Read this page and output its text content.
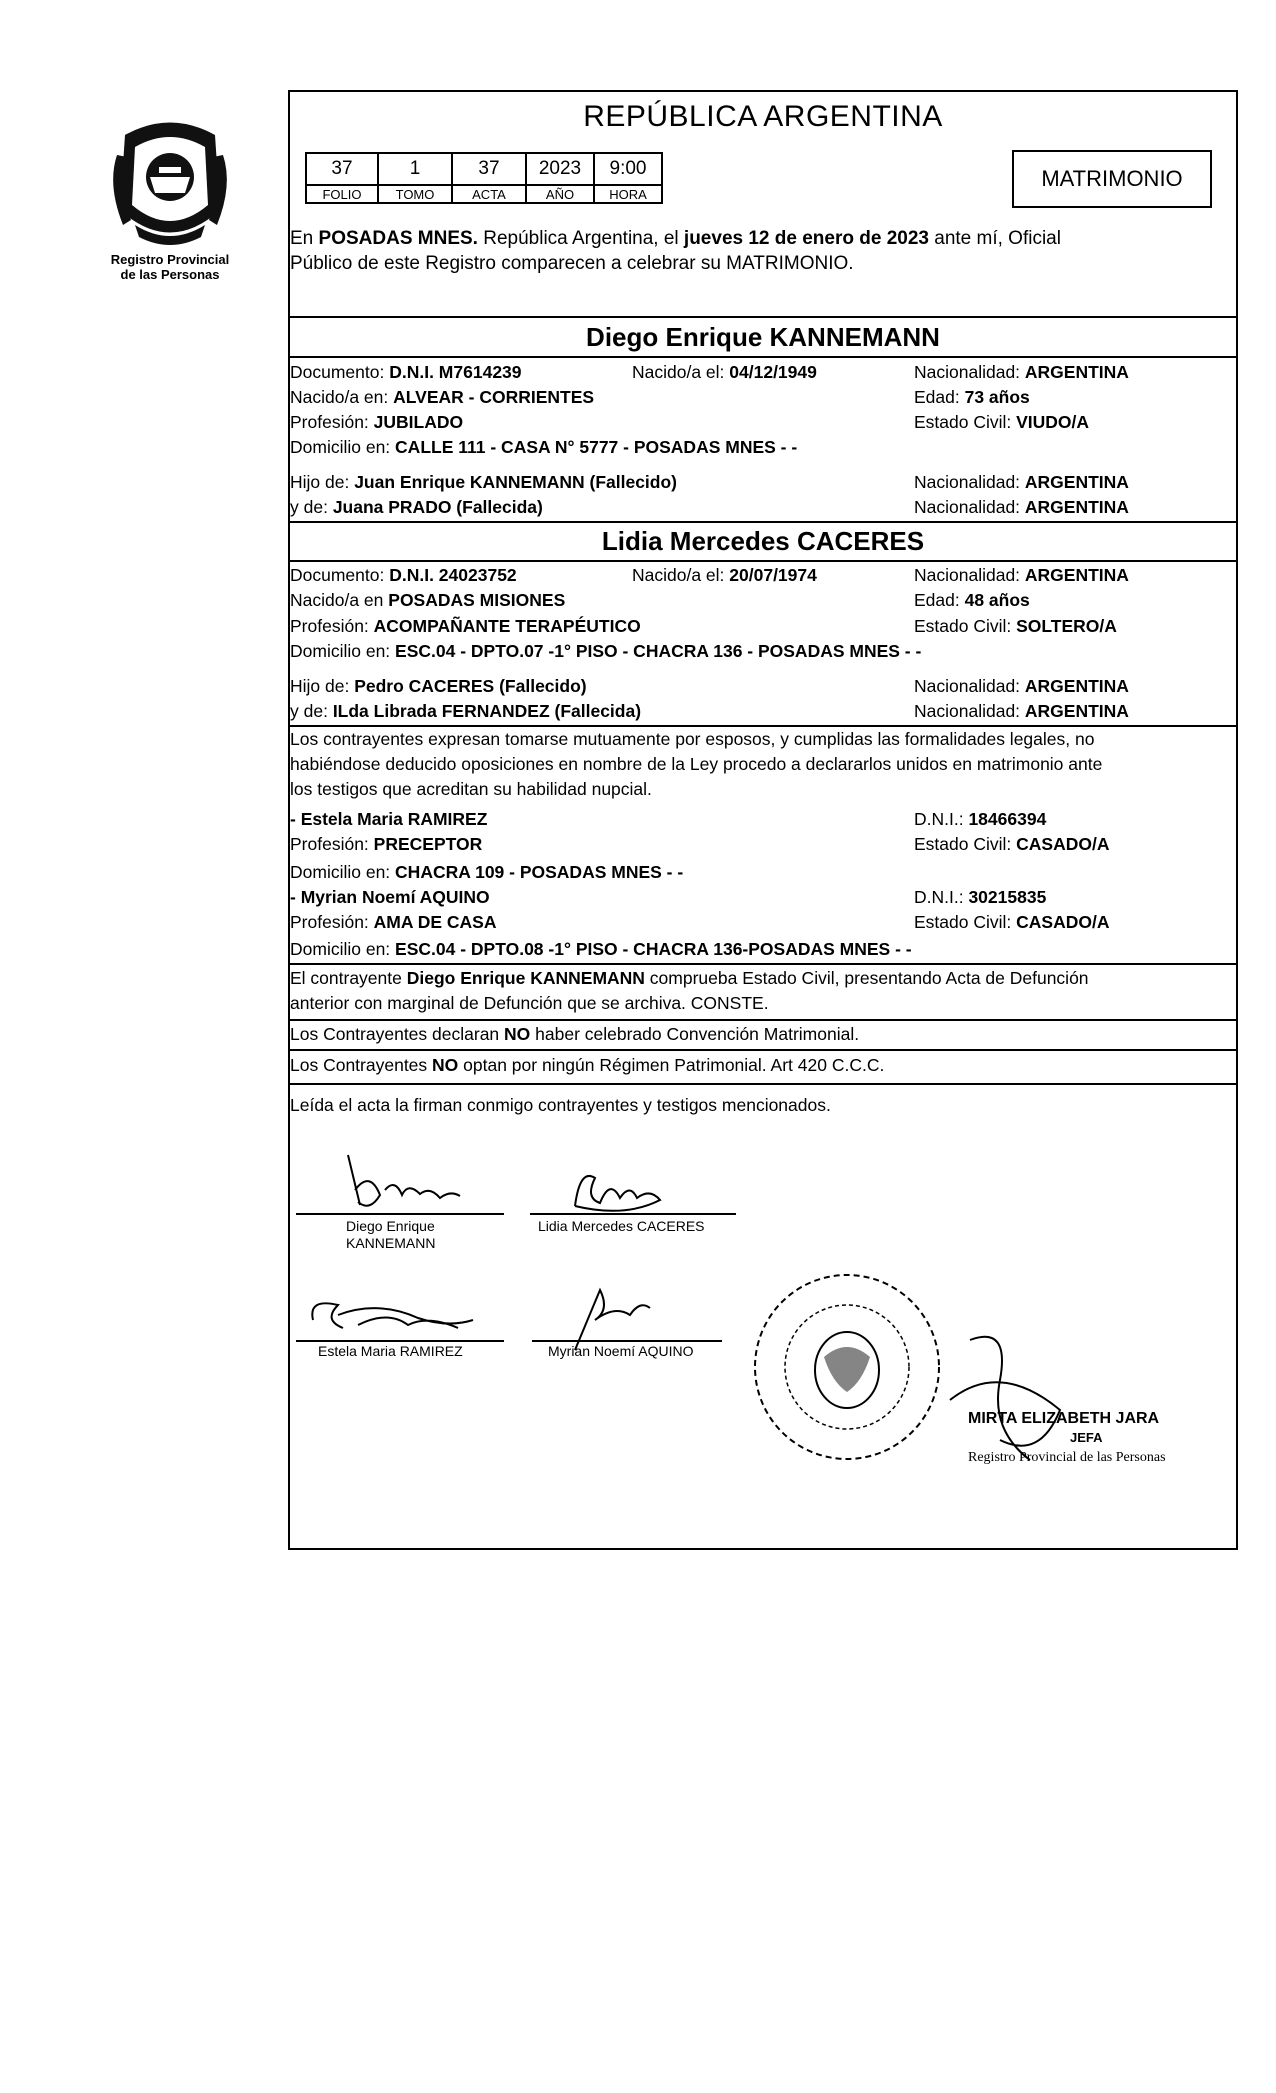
Registro Provincial
de las Personas
REPÚBLICA ARGENTINA
37	1	37	2023	9:00
FOLIO	TOMO	ACTA	AÑO	HORA
MATRIMONIO
En POSADAS MNES. República Argentina, el jueves 12 de enero de 2023 ante mí, Oficial
Público de este Registro comparecen a celebrar su MATRIMONIO.
Diego Enrique KANNEMANN
Documento: D.N.I. M7614239	Nacido/a el: 04/12/1949	Nacionalidad: ARGENTINA
Nacido/a en: ALVEAR - CORRIENTES	Edad: 73 años
Profesión: JUBILADO	Estado Civil: VIUDO/A
Domicilio en: CALLE 111 - CASA N° 5777 - POSADAS MNES - -
Hijo de: Juan Enrique KANNEMANN (Fallecido)	Nacionalidad: ARGENTINA
y de: Juana PRADO (Fallecida)	Nacionalidad: ARGENTINA
Lidia Mercedes CACERES
Documento: D.N.I. 24023752	Nacido/a el: 20/07/1974	Nacionalidad: ARGENTINA
Nacido/a en POSADAS MISIONES	Edad: 48 años
Profesión: ACOMPAÑANTE TERAPÉUTICO	Estado Civil: SOLTERO/A
Domicilio en: ESC.04 - DPTO.07 -1° PISO - CHACRA 136 - POSADAS MNES - -
Hijo de: Pedro CACERES (Fallecido)	Nacionalidad: ARGENTINA
y de: ILda Librada FERNANDEZ (Fallecida)	Nacionalidad: ARGENTINA
Los contrayentes expresan tomarse mutuamente por esposos, y cumplidas las formalidades legales, no
habiéndose deducido oposiciones en nombre de la Ley procedo a declararlos unidos en matrimonio ante
los testigos que acreditan su habilidad nupcial.
- Estela Maria RAMIREZ	D.N.I.: 18466394
Profesión: PRECEPTOR	Estado Civil: CASADO/A
Domicilio en: CHACRA 109 - POSADAS MNES - -
- Myrian Noemí AQUINO	D.N.I.: 30215835
Profesión: AMA DE CASA	Estado Civil: CASADO/A
Domicilio en: ESC.04 - DPTO.08 -1° PISO - CHACRA 136-POSADAS MNES - -
El contrayente Diego Enrique KANNEMANN comprueba Estado Civil, presentando Acta de Defunción
anterior con marginal de Defunción que se archiva. CONSTE.
Los Contrayentes declaran NO haber celebrado Convención Matrimonial.
Los Contrayentes NO optan por ningún Régimen Patrimonial. Art 420 C.C.C.
Leída el acta la firman conmigo contrayentes y testigos mencionados.
Diego Enrique
KANNEMANN
Lidia Mercedes CACERES
Estela Maria RAMIREZ	Myrian Noemí AQUINO
MIRTA ELIZABETH JARA
JEFA
Registro Provincial de las Personas
